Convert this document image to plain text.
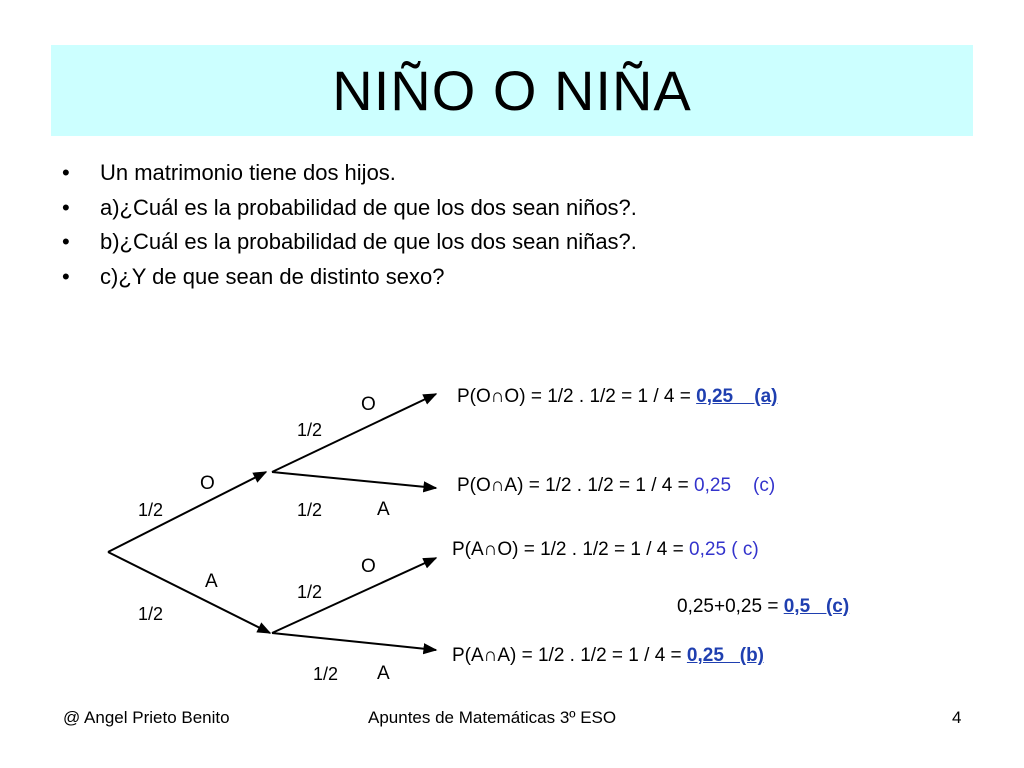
NIÑO O NIÑA
•	Un matrimonio tiene dos hijos.
•	a)¿Cuál es la probabilidad de que los dos sean niños?.
•	b)¿Cuál es la probabilidad de que los dos sean niñas?.
•	c)¿Y de que sean de distinto sexo?
O
1/2
A
1/2
O
1/2
1/2	A
O
1/2
1/2 A
P(O∩O) = 1/2 . 1/2 = 1 / 4 = 0,25    (a)
P(O∩A) = 1/2 . 1/2 = 1 / 4 = 0,25 (c)
P(A∩O) = 1/2 . 1/2 = 1 / 4 = 0,25 ( c)
0,25+0,25 = 0,5   (c)
P(A∩A) = 1/2 . 1/2 = 1 / 4 = 0,25   (b)
@ Angel Prieto Benito	Apuntes de Matemáticas 3º ESO	4
